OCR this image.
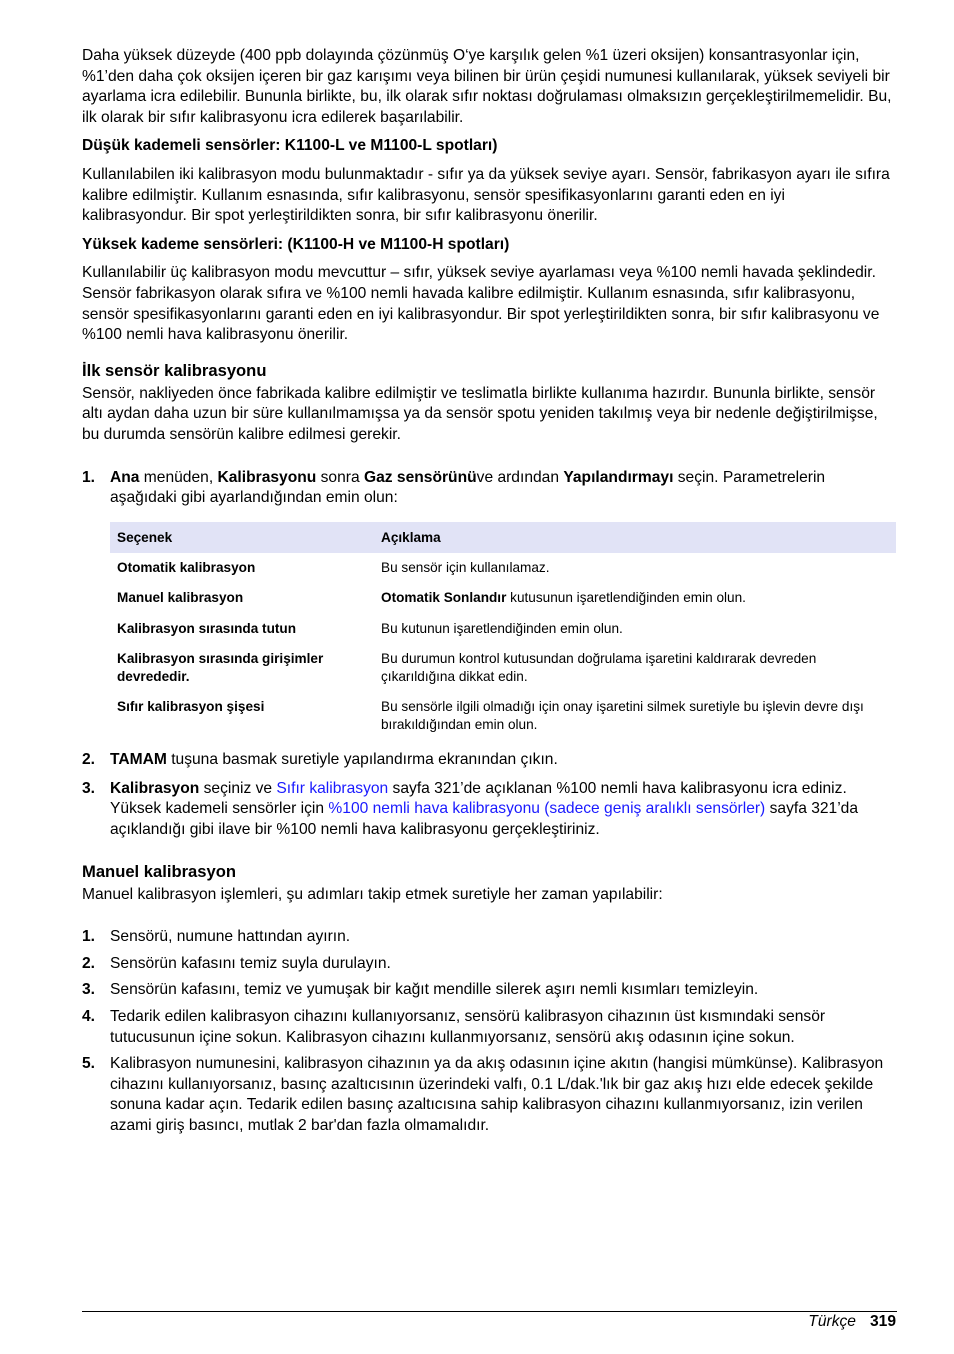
Daha yüksek düzeyde (400 ppb dolayında çözünmüş O‘ye karşılık gelen %1 üzeri oksijen) konsantrasyonlar için, %1’den daha çok oksijen içeren bir gaz karışımı veya bilinen bir ürün çeşidi numunesi kullanılarak, yüksek seviyeli bir ayarlama icra edilebilir. Bununla birlikte, bu, ilk olarak sıfır noktası doğrulaması olmaksızın gerçekleştirilmemelidir. Bu, ilk olarak bir sıfır kalibrasyonu icra edilerek başarılabilir.

Düşük kademeli sensörler: K1100-L ve M1100-L spotları)

Kullanılabilen iki kalibrasyon modu bulunmaktadır - sıfır ya da yüksek seviye ayarı. Sensör, fabrikasyon ayarı ile sıfıra kalibre edilmiştir. Kullanım esnasında, sıfır kalibrasyonu, sensör spesifikasyonlarını garanti eden en iyi kalibrasyondur. Bir spot yerleştirildikten sonra, bir sıfır kalibrasyonu önerilir.

Yüksek kademe sensörleri: (K1100-H ve M1100-H spotları)

Kullanılabilir üç kalibrasyon modu mevcuttur – sıfır, yüksek seviye ayarlaması veya %100 nemli havada şeklindedir. Sensör fabrikasyon olarak sıfıra ve %100 nemli havada kalibre edilmiştir. Kullanım esnasında, sıfır kalibrasyonu, sensör spesifikasyonlarını garanti eden en iyi kalibrasyondur. Bir spot yerleştirildikten sonra, bir sıfır kalibrasyonu ve %100 nemli hava kalibrasyonu önerilir.

İlk sensör kalibrasyonu

Sensör, nakliyeden önce fabrikada kalibre edilmiştir ve teslimatla birlikte kullanıma hazırdır. Bununla birlikte, sensör altı aydan daha uzun bir süre kullanılmamışsa ya da sensör spotu yeniden takılmış veya bir nedenle değiştirilmişse, bu durumda sensörün kalibre edilmesi gerekir.

1. Ana menüden, Kalibrasyonu sonra Gaz sensörünüve ardından Yapılandırmayı seçin. Parametrelerin aşağıdaki gibi ayarlandığından emin olun:
Seçenek	Açıklama
Otomatik kalibrasyon	Bu sensör için kullanılamaz.
Manuel kalibrasyon	Otomatik Sonlandır kutusunun işaretlendiğinden emin olun.
Kalibrasyon sırasında tutun	Bu kutunun işaretlendiğinden emin olun.
Kalibrasyon sırasında girişimler devrededir.	Bu durumun kontrol kutusundan doğrulama işaretini kaldırarak devreden çıkarıldığına dikkat edin.
Sıfır kalibrasyon şişesi	Bu sensörle ilgili olmadığı için onay işaretini silmek suretiyle bu işlevin devre dışı bırakıldığından emin olun.
2. TAMAM tuşuna basmak suretiyle yapılandırma ekranından çıkın.
3. Kalibrasyon seçiniz ve Sıfır kalibrasyon sayfa 321’de açıklanan %100 nemli hava kalibrasyonu icra ediniz. Yüksek kademeli sensörler için %100 nemli hava kalibrasyonu (sadece geniş aralıklı sensörler) sayfa 321’da açıklandığı gibi ilave bir %100 nemli hava kalibrasyonu gerçekleştiriniz.
Manuel kalibrasyon

Manuel kalibrasyon işlemleri, şu adımları takip etmek suretiyle her zaman yapılabilir:

1. Sensörü, numune hattından ayırın.
2. Sensörün kafasını temiz suyla durulayın.
3. Sensörün kafasını, temiz ve yumuşak bir kağıt mendille silerek aşırı nemli kısımları temizleyin.
4. Tedarik edilen kalibrasyon cihazını kullanıyorsanız, sensörü kalibrasyon cihazının üst kısmındaki sensör tutucusunun içine sokun. Kalibrasyon cihazını kullanmıyorsanız, sensörü akış odasının içine sokun.
5. Kalibrasyon numunesini, kalibrasyon cihazının ya da akış odasının içine akıtın (hangisi mümkünse). Kalibrasyon cihazını kullanıyorsanız, basınç azaltıcısının üzerindeki valfı, 0.1 L/dak.'lık bir gaz akış hızı elde edecek şekilde sonuna kadar açın. Tedarik edilen basınç azaltıcısına sahip kalibrasyon cihazını kullanmıyorsanız, izin verilen azami giriş basıncı, mutlak 2 bar'dan fazla olmamalıdır.
Türkçe 319
